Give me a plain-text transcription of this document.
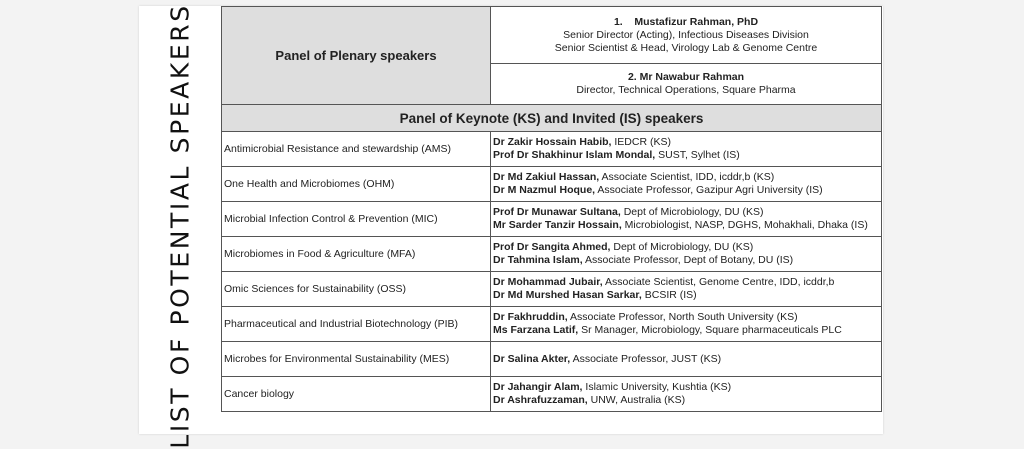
LIST OF POTENTIAL SPEAKERS	Panel of Plenary speakers	1. Mustafizur Rahman, PhD
Senior Director (Acting), Infectious Diseases Division
Senior Scientist & Head, Virology Lab & Genome Centre

	2. Mr Nawabur Rahman
Director, Technical Operations, Square Pharma

Panel of Keynote (KS) and Invited (IS) speakers	
Antimicrobial Resistance and stewardship (AMS)	Dr Zakir Hossain Habib, IEDCR (KS)
Prof Dr Shakhinur Islam Mondal, SUST, Sylhet (IS)

One Health and Microbiomes (OHM)	Dr Md Zakiul Hassan, Associate Scientist, IDD, icddr,b (KS)
Dr M Nazmul Hoque, Associate Professor, Gazipur Agri University (IS)

Microbial Infection Control & Prevention (MIC)	Prof Dr Munawar Sultana, Dept of Microbiology, DU (KS)
Mr Sarder Tanzir Hossain, Microbiologist, NASP, DGHS, Mohakhali, Dhaka (IS)

Microbiomes in Food & Agriculture (MFA)	Prof Dr Sangita Ahmed, Dept of Microbiology, DU (KS)
Dr Tahmina Islam, Associate Professor, Dept of Botany, DU (IS)

Omic Sciences for Sustainability (OSS)	Dr Mohammad Jubair, Associate Scientist, Genome Centre, IDD, icddr,b
Dr Md Murshed Hasan Sarkar, BCSIR (IS)

Pharmaceutical and Industrial Biotechnology (PIB)	Dr Fakhruddin, Associate Professor, North South University (KS)
Ms Farzana Latif, Sr Manager, Microbiology, Square pharmaceuticals PLC

Microbes for Environmental Sustainability (MES)	Dr Salina Akter, Associate Professor, JUST (KS)

Cancer biology	Dr Jahangir Alam, Islamic University, Kushtia (KS)
Dr Ashrafuzzaman, UNW, Australia (KS)
